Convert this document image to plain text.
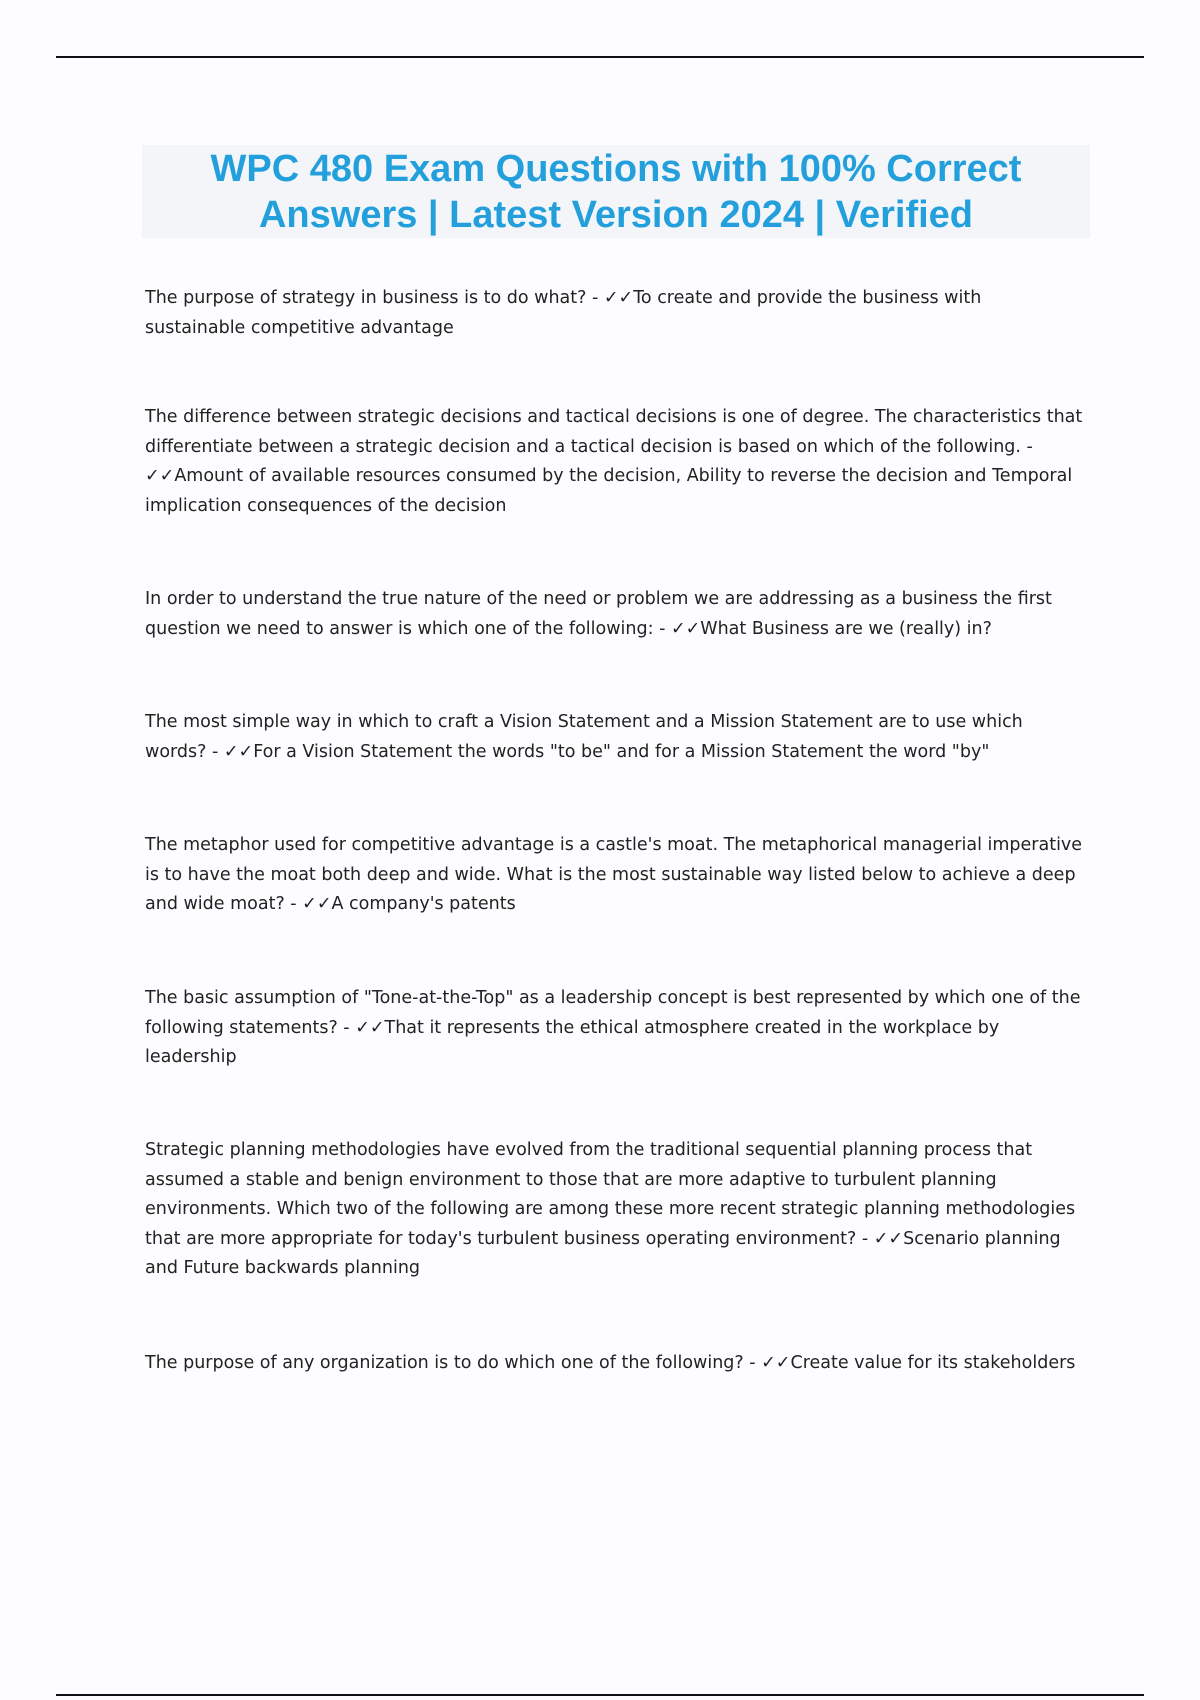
WPC 480 Exam Questions with 100% Correct Answers | Latest Version 2024 | Verified

The purpose of strategy in business is to do what? - ✓✓To create and provide the business with sustainable competitive advantage

The difference between strategic decisions and tactical decisions is one of degree. The characteristics that differentiate between a strategic decision and a tactical decision is based on which of the following. - ✓✓Amount of available resources consumed by the decision, Ability to reverse the decision and Temporal implication consequences of the decision

In order to understand the true nature of the need or problem we are addressing as a business the first question we need to answer is which one of the following: - ✓✓What Business are we (really) in?

The most simple way in which to craft a Vision Statement and a Mission Statement are to use which words? - ✓✓For a Vision Statement the words "to be" and for a Mission Statement the word "by"

The metaphor used for competitive advantage is a castle's moat. The metaphorical managerial imperative is to have the moat both deep and wide. What is the most sustainable way listed below to achieve a deep and wide moat? - ✓✓A company's patents

The basic assumption of "Tone-at-the-Top" as a leadership concept is best represented by which one of the following statements? - ✓✓That it represents the ethical atmosphere created in the workplace by leadership

Strategic planning methodologies have evolved from the traditional sequential planning process that assumed a stable and benign environment to those that are more adaptive to turbulent planning environments. Which two of the following are among these more recent strategic planning methodologies that are more appropriate for today's turbulent business operating environment? - ✓✓Scenario planning and Future backwards planning

The purpose of any organization is to do which one of the following? - ✓✓Create value for its stakeholders
